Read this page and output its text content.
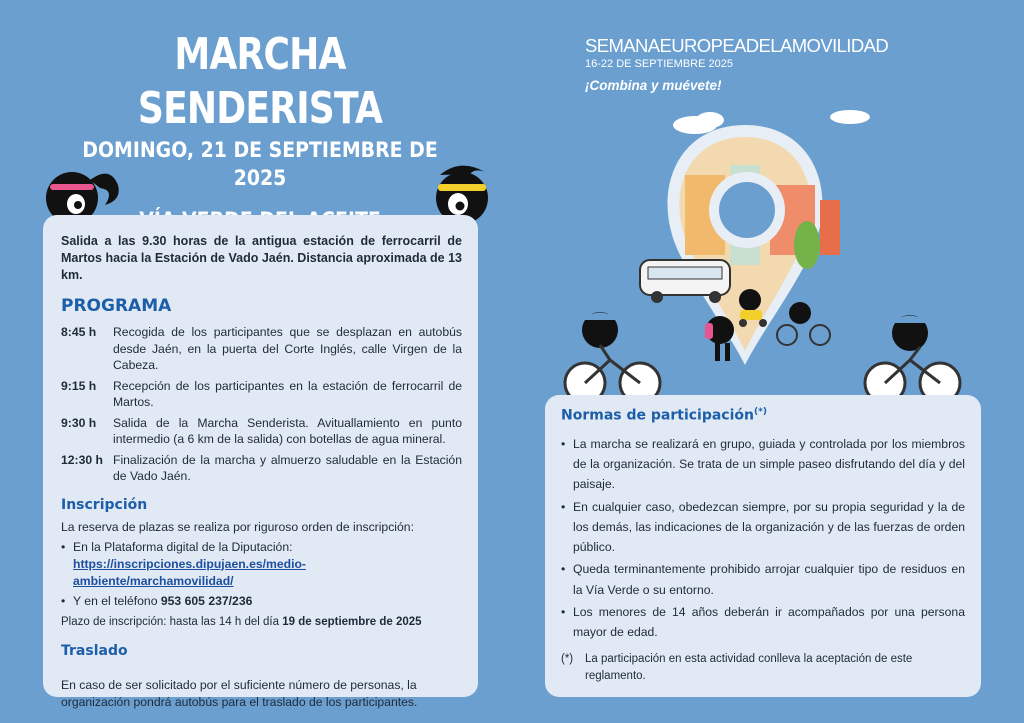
MARCHA SENDERISTA
DOMINGO, 21 DE SEPTIEMBRE DE 2025
Salida a las 9.30 horas de la antigua estación de ferrocarril de Martos hacia la Estación de Vado Jaén. Distancia aproximada de 13 km.
PROGRAMA
8:45 h	Recogida de los participantes que se desplazan en autobús desde Jaén, en la puerta del Corte Inglés, calle Virgen de la Cabeza.
9:15 h	Recepción de los participantes en la estación de ferrocarril de Martos.
9:30 h	Salida de la Marcha Senderista. Avituallamiento en punto intermedio (a 6 km de la salida) con botellas de agua mineral.
12:30 h Finalización de la marcha y almuerzo saludable en la Estación de Vado Jaén.
Inscripción
La reserva de plazas se realiza por riguroso orden de inscripción:
• En la Plataforma digital de la Diputación:
https://inscripciones.dipujaen.es/medio-ambiente/marchamovilidad/
• Y en el teléfono 953 605 237/236
Plazo de inscripción: hasta las 14 h del día 19 de septiembre de 2025
Traslado
En caso de ser solicitado por el suficiente número de personas, la organización pondrá autobús para el traslado de los participantes.
SEMANAEUROPEADELAMOVILIDAD
16-22 DE SEPTIEMBRE 2025
¡Combina y muévete!
Normas de participación(*)
• La marcha se realizará en grupo, guiada y controlada por los miembros de la organización. Se trata de un simple paseo disfrutando del día y del paisaje.
• En cualquier caso, obedezcan siempre, por su propia seguridad y la de los demás, las indicaciones de la organización y de las fuerzas de orden público.
• Queda terminantemente prohibido arrojar cualquier tipo de residuos en la Vía Verde o su entorno.
• Los menores de 14 años deberán ir acompañados por una persona mayor de edad.
(*)	La participación en esta actividad conlleva la aceptación de este reglamento.
